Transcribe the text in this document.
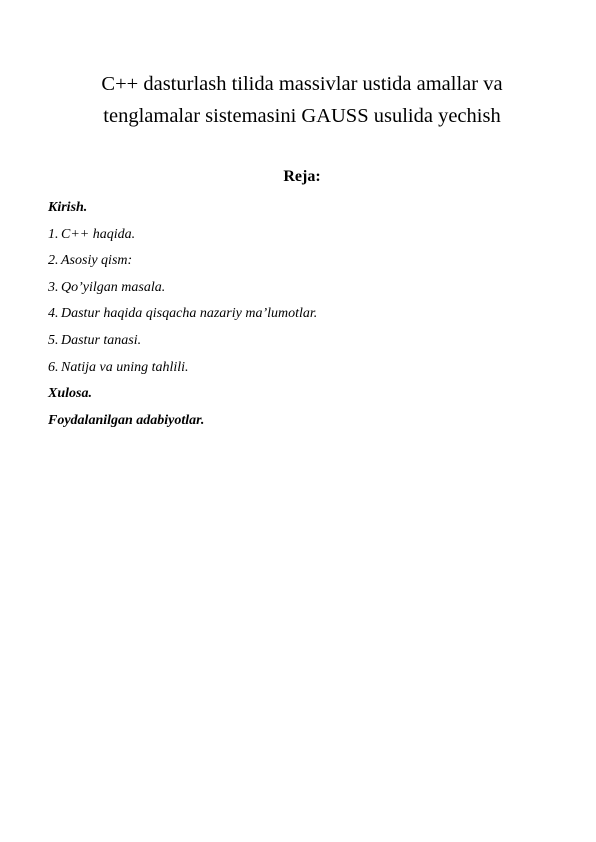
C++ dasturlash tilida massivlar ustida amallar va
tenglamalar sistemasini GAUSS usulida yechish
Reja:
Kirish.
1. C++ haqida.
2. Asosiy qism:
3. Qo’yilgan masala.
4. Dastur haqida qisqacha nazariy ma’lumotlar.
5. Dastur tanasi.
6. Natija va uning tahlili.
Xulosa.
Foydalanilgan adabiyotlar.
